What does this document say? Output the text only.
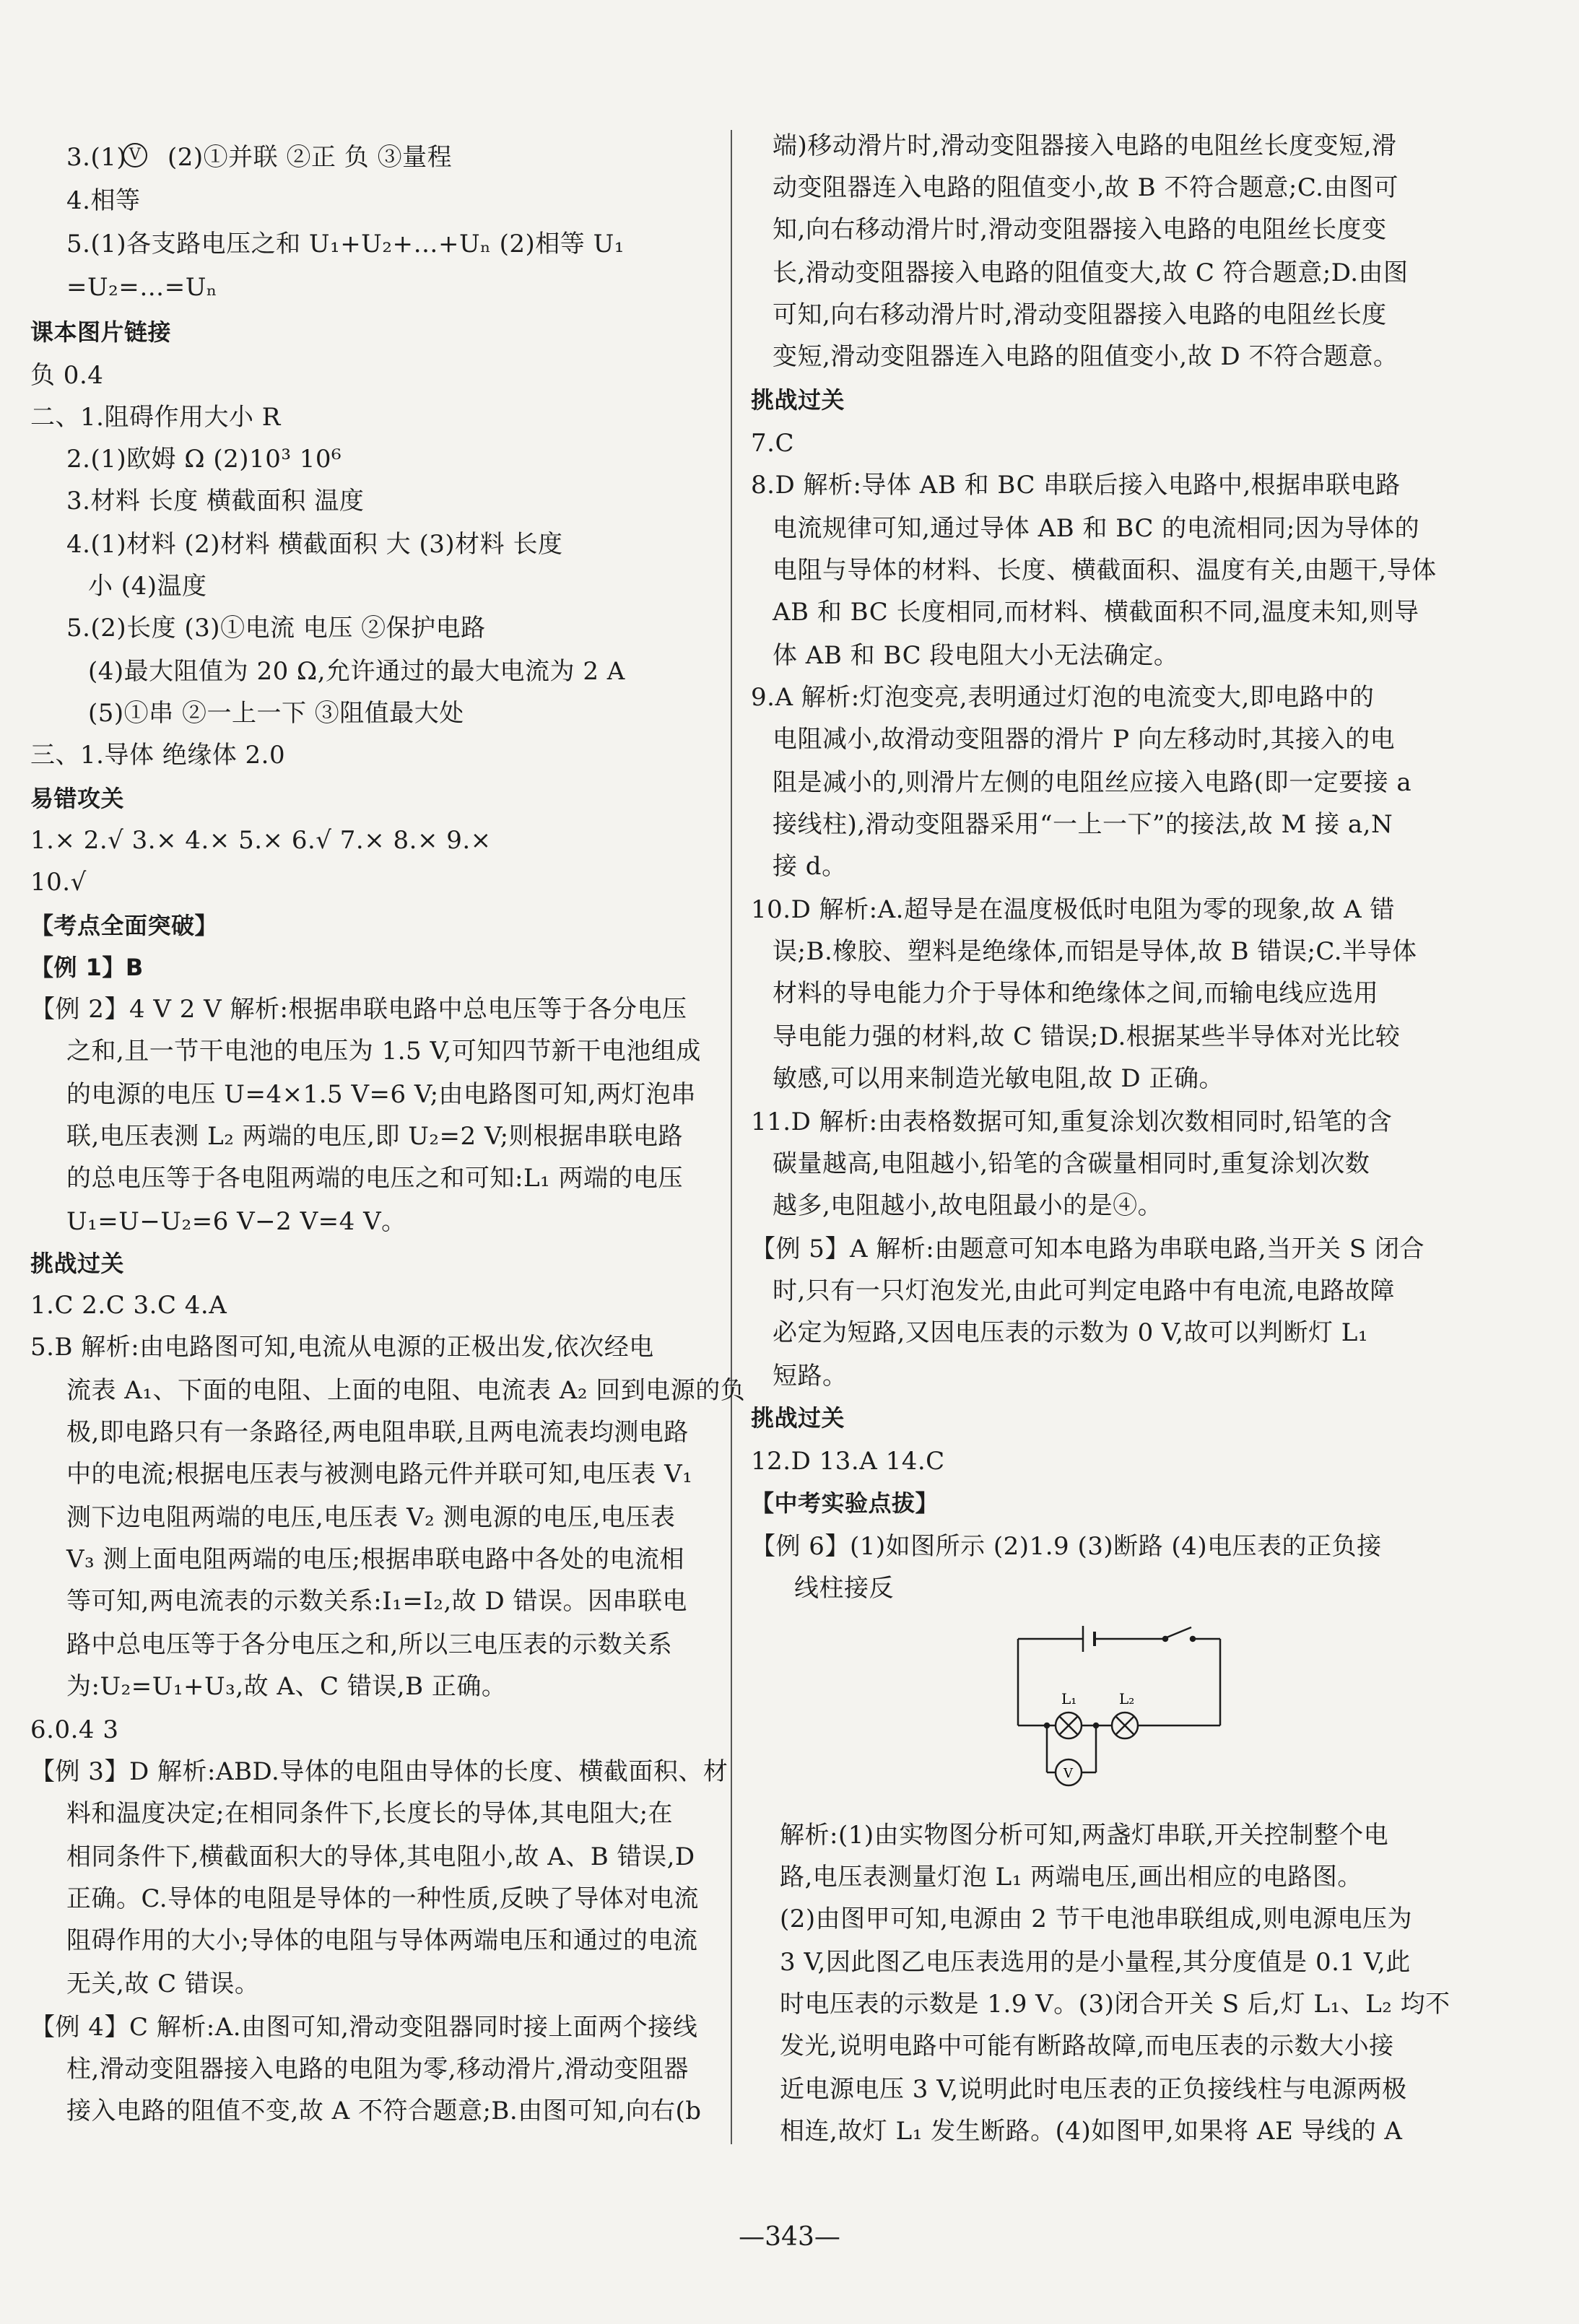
3.(1) V (2)①并联 ②正 负 ③量程
4.相等
5.(1)各支路电压之和 U₁+U₂+…+Uₙ (2)相等 U₁
=U₂=…=Uₙ
课本图片链接
负 0.4
二、1.阻碍作用大小 R
2.(1)欧姆 Ω (2)10³ 10⁶
3.材料 长度 横截面积 温度
4.(1)材料 (2)材料 横截面积 大 (3)材料 长度
小 (4)温度
5.(2)长度 (3)①电流 电压 ②保护电路
(4)最大阻值为 20 Ω,允许通过的最大电流为 2 A
(5)①串 ②一上一下 ③阻值最大处
三、1.导体 绝缘体 2.0
易错攻关
1.× 2.√ 3.× 4.× 5.× 6.√ 7.× 8.× 9.×
10.√
【考点全面突破】
【例 1】B
【例 2】4 V 2 V 解析:根据串联电路中总电压等于各分电压
之和,且一节干电池的电压为 1.5 V,可知四节新干电池组成
的电源的电压 U=4×1.5 V=6 V;由电路图可知,两灯泡串
联,电压表测 L₂ 两端的电压,即 U₂=2 V;则根据串联电路
的总电压等于各电阻两端的电压之和可知:L₁ 两端的电压
U₁=U−U₂=6 V−2 V=4 V。
挑战过关
1.C 2.C 3.C 4.A
5.B 解析:由电路图可知,电流从电源的正极出发,依次经电
流表 A₁、下面的电阻、上面的电阻、电流表 A₂ 回到电源的负
极,即电路只有一条路径,两电阻串联,且两电流表均测电路
中的电流;根据电压表与被测电路元件并联可知,电压表 V₁
测下边电阻两端的电压,电压表 V₂ 测电源的电压,电压表
V₃ 测上面电阻两端的电压;根据串联电路中各处的电流相
等可知,两电流表的示数关系:I₁=I₂,故 D 错误。因串联电
路中总电压等于各分电压之和,所以三电压表的示数关系
为:U₂=U₁+U₃,故 A、C 错误,B 正确。
6.0.4 3
【例 3】D 解析:ABD.导体的电阻由导体的长度、横截面积、材
料和温度决定;在相同条件下,长度长的导体,其电阻大;在
相同条件下,横截面积大的导体,其电阻小,故 A、B 错误,D
正确。C.导体的电阻是导体的一种性质,反映了导体对电流
阻碍作用的大小;导体的电阻与导体两端电压和通过的电流
无关,故 C 错误。
【例 4】C 解析:A.由图可知,滑动变阻器同时接上面两个接线
柱,滑动变阻器接入电路的电阻为零,移动滑片,滑动变阻器
接入电路的阻值不变,故 A 不符合题意;B.由图可知,向右(b
端)移动滑片时,滑动变阻器接入电路的电阻丝长度变短,滑
动变阻器连入电路的阻值变小,故 B 不符合题意;C.由图可
知,向右移动滑片时,滑动变阻器接入电路的电阻丝长度变
长,滑动变阻器接入电路的阻值变大,故 C 符合题意;D.由图
可知,向右移动滑片时,滑动变阻器接入电路的电阻丝长度
变短,滑动变阻器连入电路的阻值变小,故 D 不符合题意。
挑战过关
7.C
8.D 解析:导体 AB 和 BC 串联后接入电路中,根据串联电路
电流规律可知,通过导体 AB 和 BC 的电流相同;因为导体的
电阻与导体的材料、长度、横截面积、温度有关,由题干,导体
AB 和 BC 长度相同,而材料、横截面积不同,温度未知,则导
体 AB 和 BC 段电阻大小无法确定。
9.A 解析:灯泡变亮,表明通过灯泡的电流变大,即电路中的
电阻减小,故滑动变阻器的滑片 P 向左移动时,其接入的电
阻是减小的,则滑片左侧的电阻丝应接入电路(即一定要接 a
接线柱),滑动变阻器采用“一上一下”的接法,故 M 接 a,N
接 d。
10.D 解析:A.超导是在温度极低时电阻为零的现象,故 A 错
误;B.橡胶、塑料是绝缘体,而铝是导体,故 B 错误;C.半导体
材料的导电能力介于导体和绝缘体之间,而输电线应选用
导电能力强的材料,故 C 错误;D.根据某些半导体对光比较
敏感,可以用来制造光敏电阻,故 D 正确。
11.D 解析:由表格数据可知,重复涂划次数相同时,铅笔的含
碳量越高,电阻越小,铅笔的含碳量相同时,重复涂划次数
越多,电阻越小,故电阻最小的是④。
【例 5】A 解析:由题意可知本电路为串联电路,当开关 S 闭合
时,只有一只灯泡发光,由此可判定电路中有电流,电路故障
必定为短路,又因电压表的示数为 0 V,故可以判断灯 L₁
短路。
挑战过关
12.D 13.A 14.C
【中考实验点拔】
【例 6】(1)如图所示 (2)1.9 (3)断路 (4)电压表的正负接
线柱接反
解析:(1)由实物图分析可知,两盏灯串联,开关控制整个电
路,电压表测量灯泡 L₁ 两端电压,画出相应的电路图。
(2)由图甲可知,电源由 2 节干电池串联组成,则电源电压为
3 V,因此图乙电压表选用的是小量程,其分度值是 0.1 V,此
时电压表的示数是 1.9 V。(3)闭合开关 S 后,灯 L₁、L₂ 均不
发光,说明电路中可能有断路故障,而电压表的示数大小接
近电源电压 3 V,说明此时电压表的正负接线柱与电源两极
相连,故灯 L₁ 发生断路。(4)如图甲,如果将 AE 导线的 A
L₁	L₂
V
—343—
